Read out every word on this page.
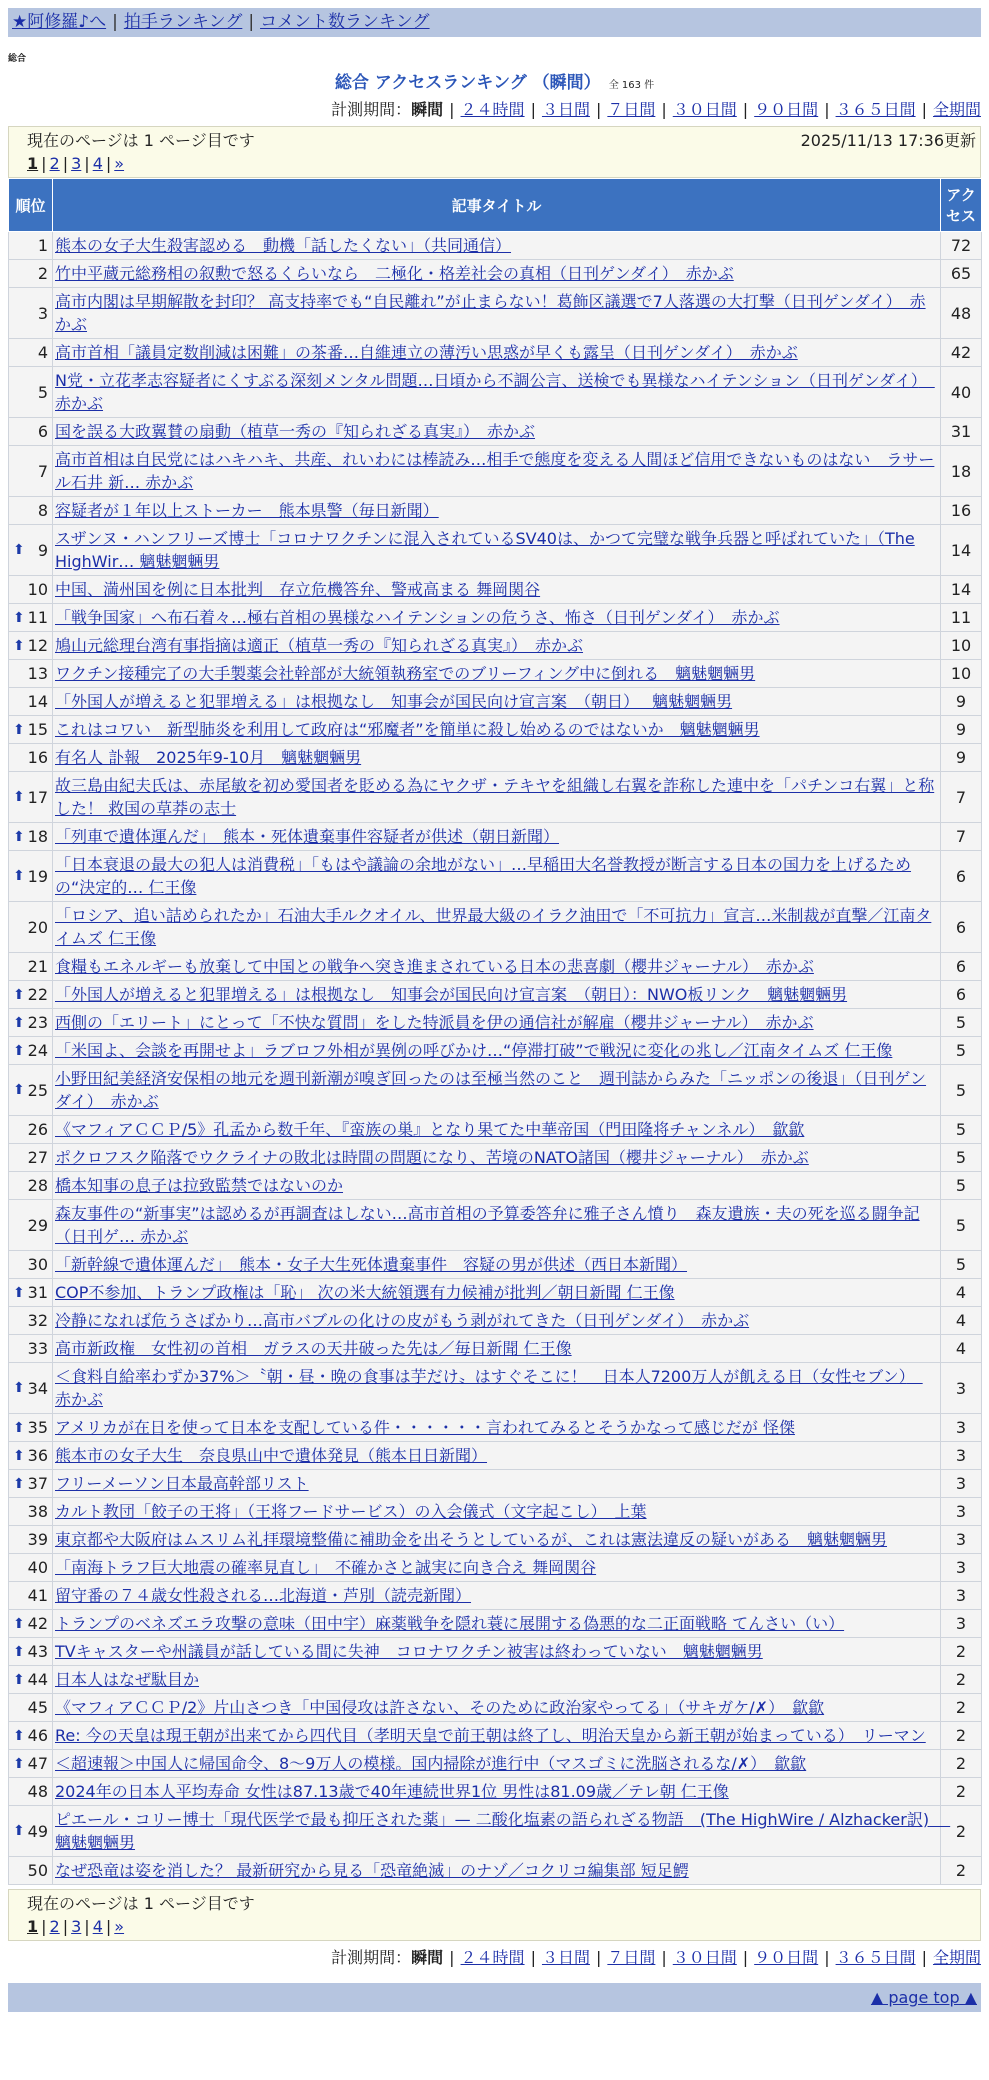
★阿修羅♪へ | 拍手ランキング | コメント数ランキング
総合
総合 アクセスランキング （瞬間） 全 163 件
計測期間：瞬間 | ２４時間 | ３日間 | ７日間 | ３０日間 | ９０日間 | ３６５日間 | 全期間
現在のページは 1 ページ目です	2025/11/13 17:36更新
1 | 2 | 3 | 4 | »
順位	記事タイトル	アクセス
1	熊本の女子大生殺害認める　動機「話したくない」（共同通信）	72
2	竹中平蔵元総務相の叙勲で怒るくらいなら　二極化・格差社会の真相（日刊ゲンダイ）　赤かぶ	65
3	高市内閣は早期解散を封印？ 高支持率でも“自民離れ”が止まらない！葛飾区議選で7人落選の大打撃（日刊ゲンダイ）　赤かぶ	48
4	高市首相「議員定数削減は困難」の茶番…自維連立の薄汚い思惑が早くも露呈（日刊ゲンダイ）　赤かぶ	42
5	N党・立花孝志容疑者にくすぶる深刻メンタル問題…日頃から不調公言、送検でも異様なハイテンション（日刊ゲンダイ）　赤かぶ	40
6	国を誤る大政翼賛の扇動（植草一秀の『知られざる真実』）　赤かぶ	31
7	高市首相は自民党にはハキハキ、共産、れいわには棒読み…相手で態度を変える人間ほど信用できないものはない　ラサール石井 新… 赤かぶ	18
8	容疑者が１年以上ストーカー　熊本県警（毎日新聞）	16

⬆ 9	スザンヌ・ハンフリーズ博士「コロナワクチンに混入されているSV40は、かつて完璧な戦争兵器と呼ばれていた」（The HighWir… 魑魅魍魎男	14
10	中国、満州国を例に日本批判　存立危機答弁、警戒高まる 舞岡関谷	14

⬆ 11	「戦争国家」へ布石着々…極右首相の異様なハイテンションの危うさ、怖さ（日刊ゲンダイ）　赤かぶ	11

⬆ 12	鳩山元総理台湾有事指摘は適正（植草一秀の『知られざる真実』）　赤かぶ	10
13	ワクチン接種完了の大手製薬会社幹部が大統領執務室でのブリーフィング中に倒れる　魑魅魍魎男	10
14	「外国人が増えると犯罪増える」は根拠なし　知事会が国民向け宣言案　（朝日）　 魑魅魍魎男	9

⬆ 15	これはコワい　新型肺炎を利用して政府は“邪魔者”を簡単に殺し始めるのではないか　魑魅魍魎男	9
16	有名人 訃報　2025年9-10月　魑魅魍魎男	9

⬆ 17	故三島由紀夫氏は、赤尾敏を初め愛国者を貶める為にヤクザ・テキヤを組織し右翼を詐称した連中を「パチンコ右翼」と称した！ 救国の草莽の志士	7

⬆ 18	「列車で遺体運んだ」　熊本・死体遺棄事件容疑者が供述（朝日新聞）	7

⬆ 19	「日本衰退の最大の犯人は消費税」「もはや議論の余地がない」…早稲田大名誉教授が断言する日本の国力を上げるための“決定的… 仁王像	6
20	「ロシア、追い詰められたか」石油大手ルクオイル、世界最大級のイラク油田で「不可抗力」宣言…米制裁が直撃／江南タイムズ 仁王像	6
21	食糧もエネルギーも放棄して中国との戦争へ突き進まされている日本の悲喜劇（櫻井ジャーナル）　赤かぶ	6

⬆ 22	「外国人が増えると犯罪増える」は根拠なし　知事会が国民向け宣言案　（朝日）：NWO板リンク　魑魅魍魎男	6

⬆ 23	西側の「エリート」にとって「不快な質問」をした特派員を伊の通信社が解雇（櫻井ジャーナル）　赤かぶ	5

⬆ 24	「米国よ、会談を再開せよ」ラブロフ外相が異例の呼びかけ…“停滞打破”で戦況に変化の兆し／江南タイムズ 仁王像	5

⬆ 25	小野田紀美経済安保相の地元を週刊新潮が嗅ぎ回ったのは至極当然のこと　週刊誌からみた「ニッポンの後退」（日刊ゲンダイ）　赤かぶ	5
26	《マフィアＣＣＰ/5》孔孟から数千年、『蛮族の巣』となり果てた中華帝国（門田隆将チャンネル）　歙歙	5
27	ポクロフスク陥落でウクライナの敗北は時間の問題になり、苦境のNATO諸国（櫻井ジャーナル）　赤かぶ	5
28	橋本知事の息子は拉致監禁ではないのか	5
29	森友事件の“新事実”は認めるが再調査はしない…高市首相の予算委答弁に雅子さん憤り　森友遺族・夫の死を巡る闘争記（日刊ゲ… 赤かぶ	5
30	「新幹線で遺体運んだ」　熊本・女子大生死体遺棄事件　容疑の男が供述（西日本新聞）	5

⬆ 31	COP不参加、トランプ政権は「恥」 次の米大統領選有力候補が批判／朝日新聞 仁王像	4
32	冷静になれば危うさばかり…高市バブルの化けの皮がもう剥がれてきた（日刊ゲンダイ）　赤かぶ	4
33	高市新政権　女性初の首相　ガラスの天井破った先は／毎日新聞 仁王像	4

⬆ 34	＜食料自給率わずか37%＞〝朝・昼・晩の食事は芋だけ〟はすぐそこに！　日本人7200万人が飢える日（女性セブン）　赤かぶ	3

⬆ 35	アメリカが在日を使って日本を支配している件・・・・・・言われてみるとそうかなって感じだが 怪傑	3

⬆ 36	熊本市の女子大生　奈良県山中で遺体発見（熊本日日新聞）	3

⬆ 37	フリーメーソン日本最高幹部リスト	3
38	カルト教団「餃子の王将」（王将フードサービス）の入会儀式（文字起こし）　上葉	3
39	東京都や大阪府はムスリム礼拝環境整備に補助金を出そうとしているが、これは憲法違反の疑いがある　魑魅魍魎男	3
40	「南海トラフ巨大地震の確率見直し」　不確かさと誠実に向き合え 舞岡関谷	3
41	留守番の７４歳女性殺される…北海道・芦別（読売新聞）	3

⬆ 42	トランプのベネズエラ攻撃の意味（田中宇）麻薬戦争を隠れ蓑に展開する偽悪的な二正面戦略 てんさい（い）	3

⬆ 43	TVキャスターや州議員が話している間に失神　コロナワクチン被害は終わっていない　魑魅魍魎男	2

⬆ 44	日本人はなぜ駄目か	2
45	《マフィアＣＣＰ/2》片山さつき「中国侵攻は許さない、そのために政治家やってる」（サキガケ/✗）　歙歙	2

⬆ 46	Re: 今の天皇は現王朝が出来てから四代目（孝明天皇で前王朝は終了し、明治天皇から新王朝が始まっている）　リーマン	2

⬆ 47	＜超速報＞中国人に帰国命令、8～9万人の模様。国内掃除が進行中（マスゴミに洗脳されるな/✗）　歙歙	2
48	2024年の日本人平均寿命 女性は87.13歳で40年連続世界1位 男性は81.09歳／テレ朝 仁王像	2

⬆ 49	ピエール・コリー博士「現代医学で最も抑圧された薬」— 二酸化塩素の語られざる物語　(The HighWire / Alzhacker訳)　 魑魅魍魎男	2
50	なぜ恐竜は姿を消した？ 最新研究から見る「恐竜絶滅」のナゾ／コクリコ編集部 短足鰐	2
現在のページは 1 ページ目です
1 | 2 | 3 | 4 | »
計測期間：瞬間 | ２４時間 | ３日間 | ７日間 | ３０日間 | ９０日間 | ３６５日間 | 全期間
▲ page top ▲
